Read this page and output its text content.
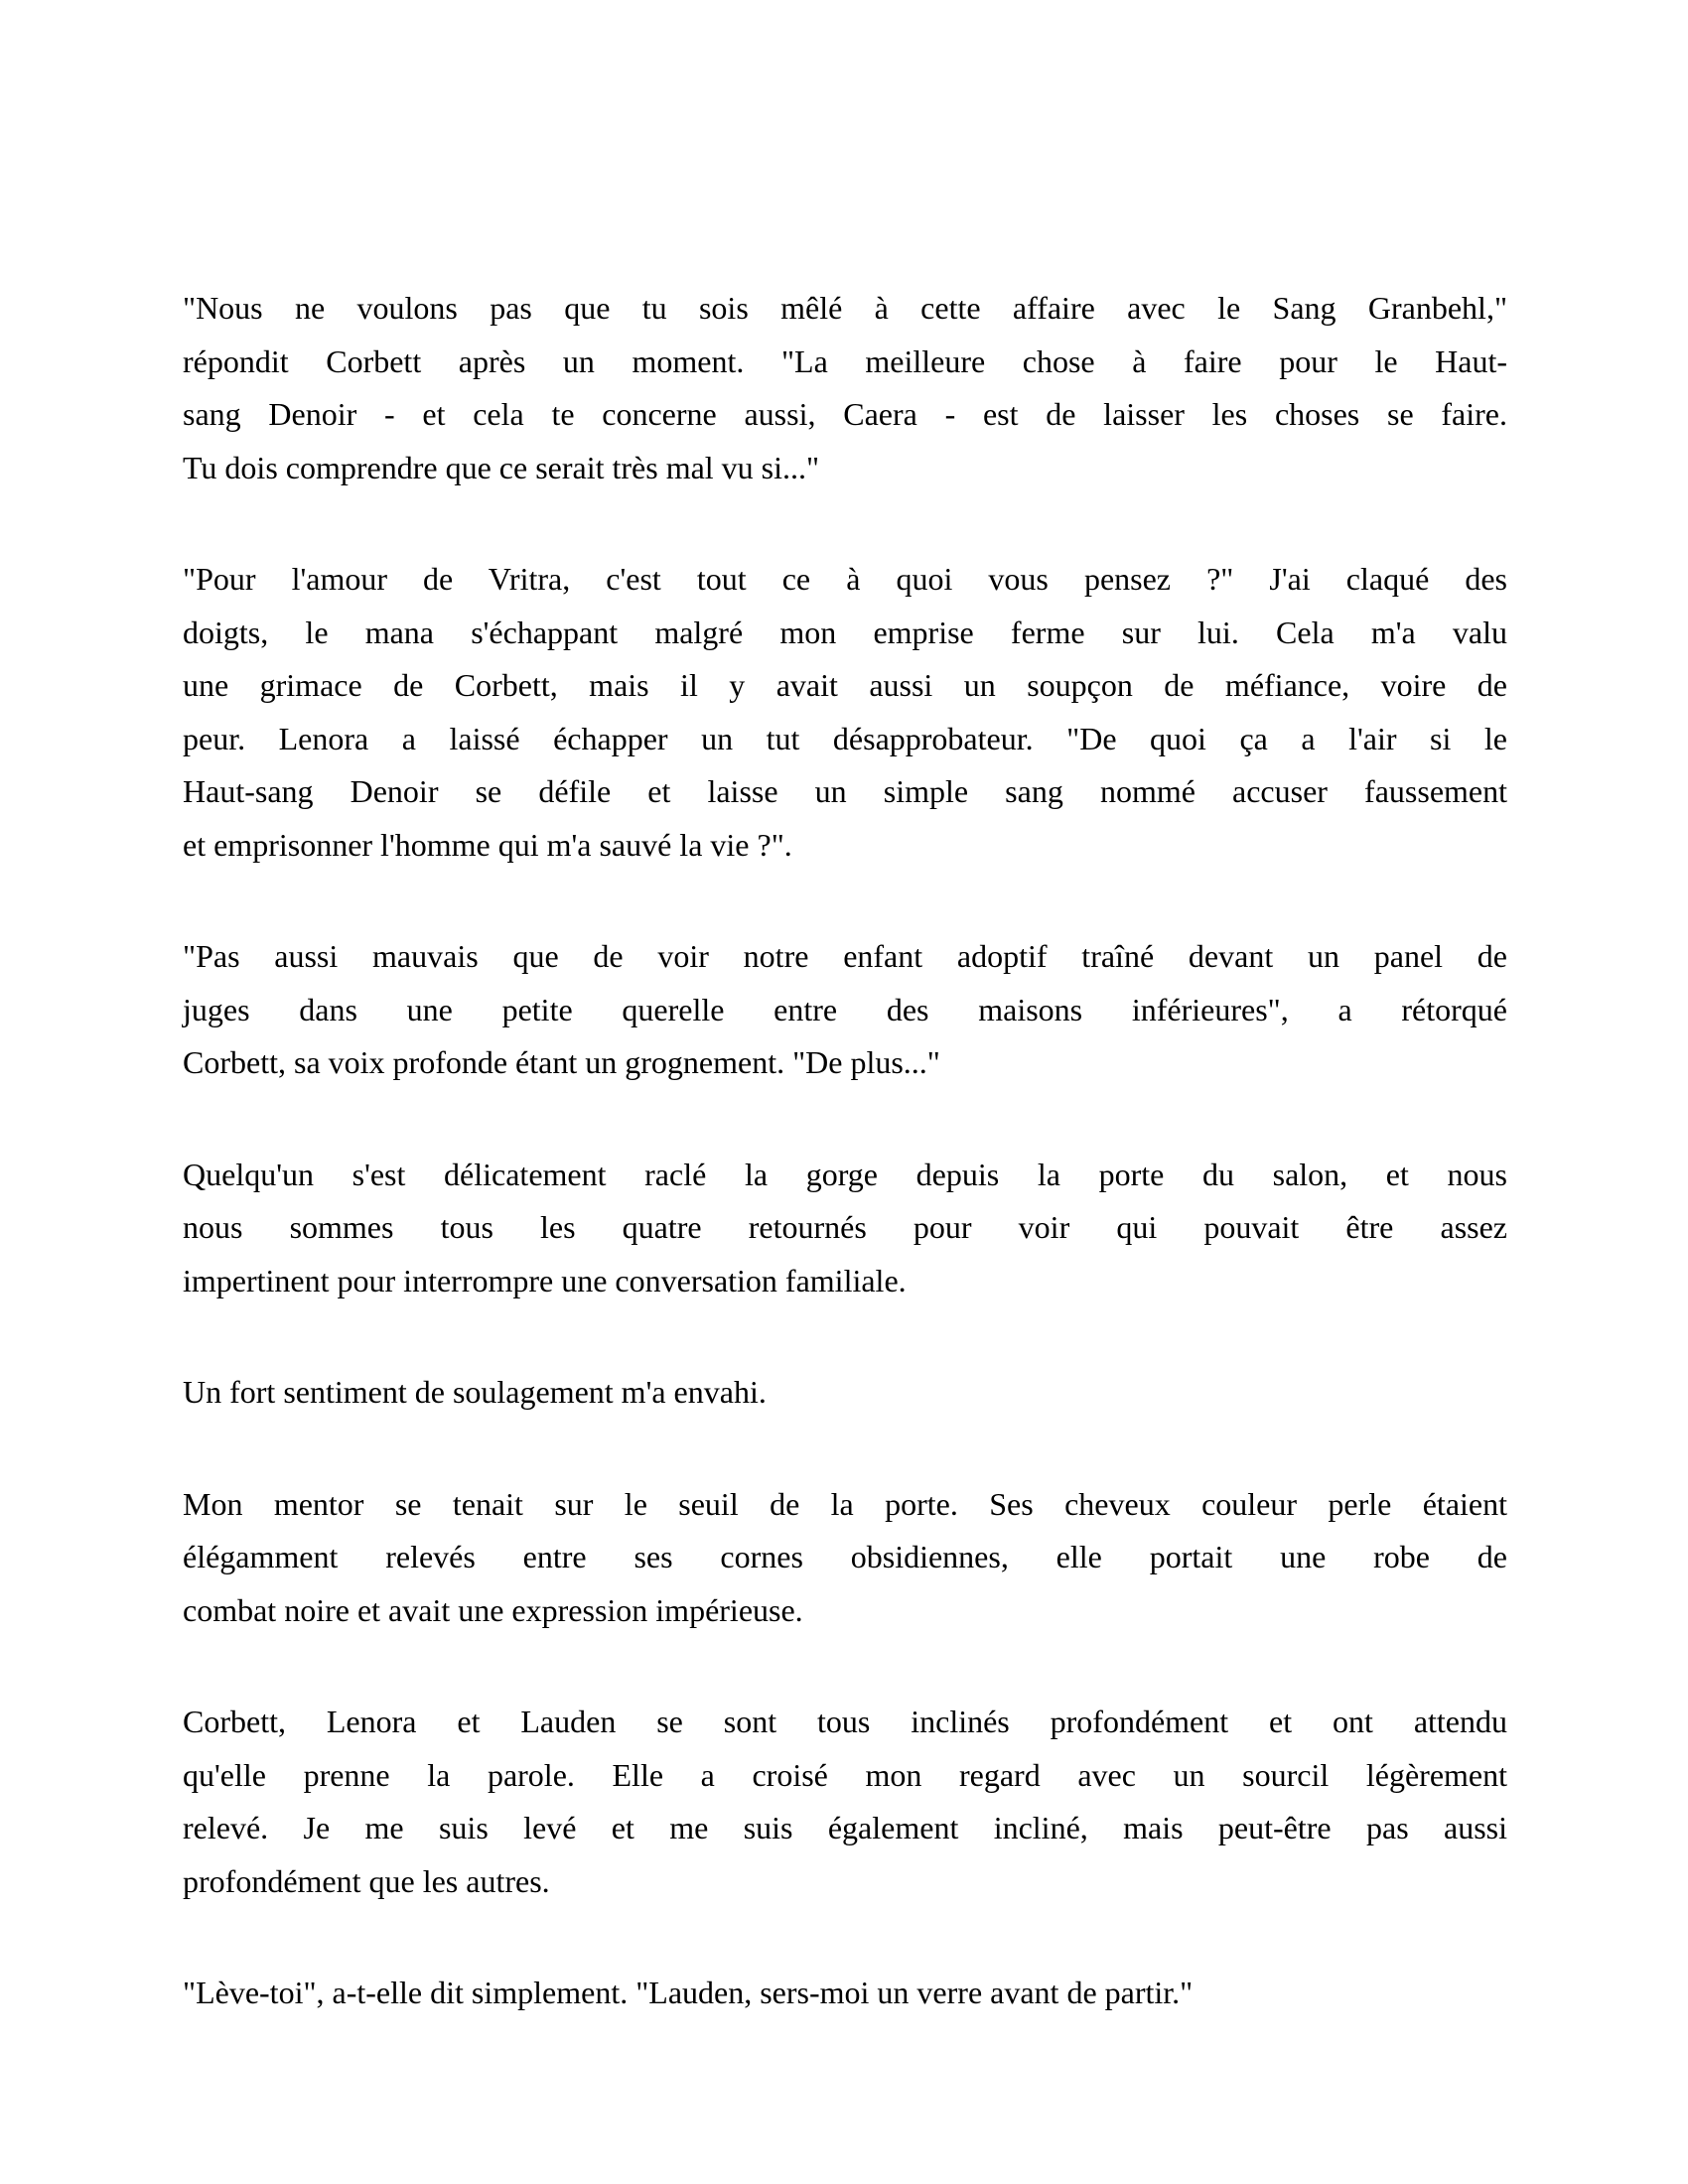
"Nous ne voulons pas que tu sois mêlé à cette affaire avec le Sang Granbehl,"
répondit Corbett après un moment. "La meilleure chose à faire pour le Haut-
sang Denoir - et cela te concerne aussi, Caera - est de laisser les choses se faire.
Tu dois comprendre que ce serait très mal vu si..."
"Pour l'amour de Vritra, c'est tout ce à quoi vous pensez ?" J'ai claqué des
doigts, le mana s'échappant malgré mon emprise ferme sur lui. Cela m'a valu
une grimace de Corbett, mais il y avait aussi un soupçon de méfiance, voire de
peur. Lenora a laissé échapper un tut désapprobateur. "De quoi ça a l'air si le
Haut-sang Denoir se défile et laisse un simple sang nommé accuser faussement
et emprisonner l'homme qui m'a sauvé la vie ?".
"Pas aussi mauvais que de voir notre enfant adoptif traîné devant un panel de
juges dans une petite querelle entre des maisons inférieures", a rétorqué
Corbett, sa voix profonde étant un grognement. "De plus..."
Quelqu'un s'est délicatement raclé la gorge depuis la porte du salon, et nous
nous sommes tous les quatre retournés pour voir qui pouvait être assez
impertinent pour interrompre une conversation familiale.
Un fort sentiment de soulagement m'a envahi.
Mon mentor se tenait sur le seuil de la porte. Ses cheveux couleur perle étaient
élégamment relevés entre ses cornes obsidiennes, elle portait une robe de
combat noire et avait une expression impérieuse.
Corbett, Lenora et Lauden se sont tous inclinés profondément et ont attendu
qu'elle prenne la parole. Elle a croisé mon regard avec un sourcil légèrement
relevé. Je me suis levé et me suis également incliné, mais peut-être pas aussi
profondément que les autres.
"Lève-toi", a-t-elle dit simplement. "Lauden, sers-moi un verre avant de partir."
